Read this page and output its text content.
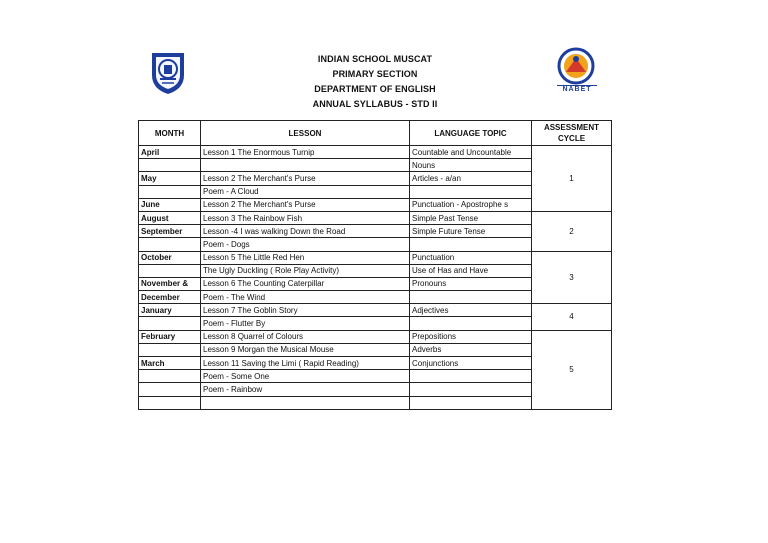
INDIAN SCHOOL MUSCAT
PRIMARY SECTION
DEPARTMENT OF ENGLISH
ANNUAL SYLLABUS - STD II
NABET
MONTH	LESSON	LANGUAGE TOPIC	ASSESSMENT
CYCLE

April	Lesson 1 The Enormous Turnip	Countable and Uncountable	1
		Nouns	
May	Lesson 2 The Merchant's Purse	Articles - a/an	
	Poem - A Cloud		
June	Lesson 2 The Merchant's Purse	Punctuation - Apostrophe s	
August	Lesson 3 The Rainbow Fish	Simple Past Tense	2
September	Lesson -4 I was walking Down the Road	Simple Future Tense	
	Poem - Dogs		
October	Lesson 5 The Little Red Hen	Punctuation	3
	The Ugly Duckling ( Role Play Activity)	Use of Has and Have	
November &	Lesson 6 The Counting Caterpillar	Pronouns	
December	Poem - The Wind		
January	Lesson 7 The Goblin Story	Adjectives	4
	Poem - Flutter By		
February	Lesson 8 Quarrel of Colours	Prepositions	5
	Lesson 9 Morgan the Musical Mouse	Adverbs	
March	Lesson 11 Saving the Limi ( Rapid Reading)	Conjunctions	
	Poem - Some One		
	Poem - Rainbow		
